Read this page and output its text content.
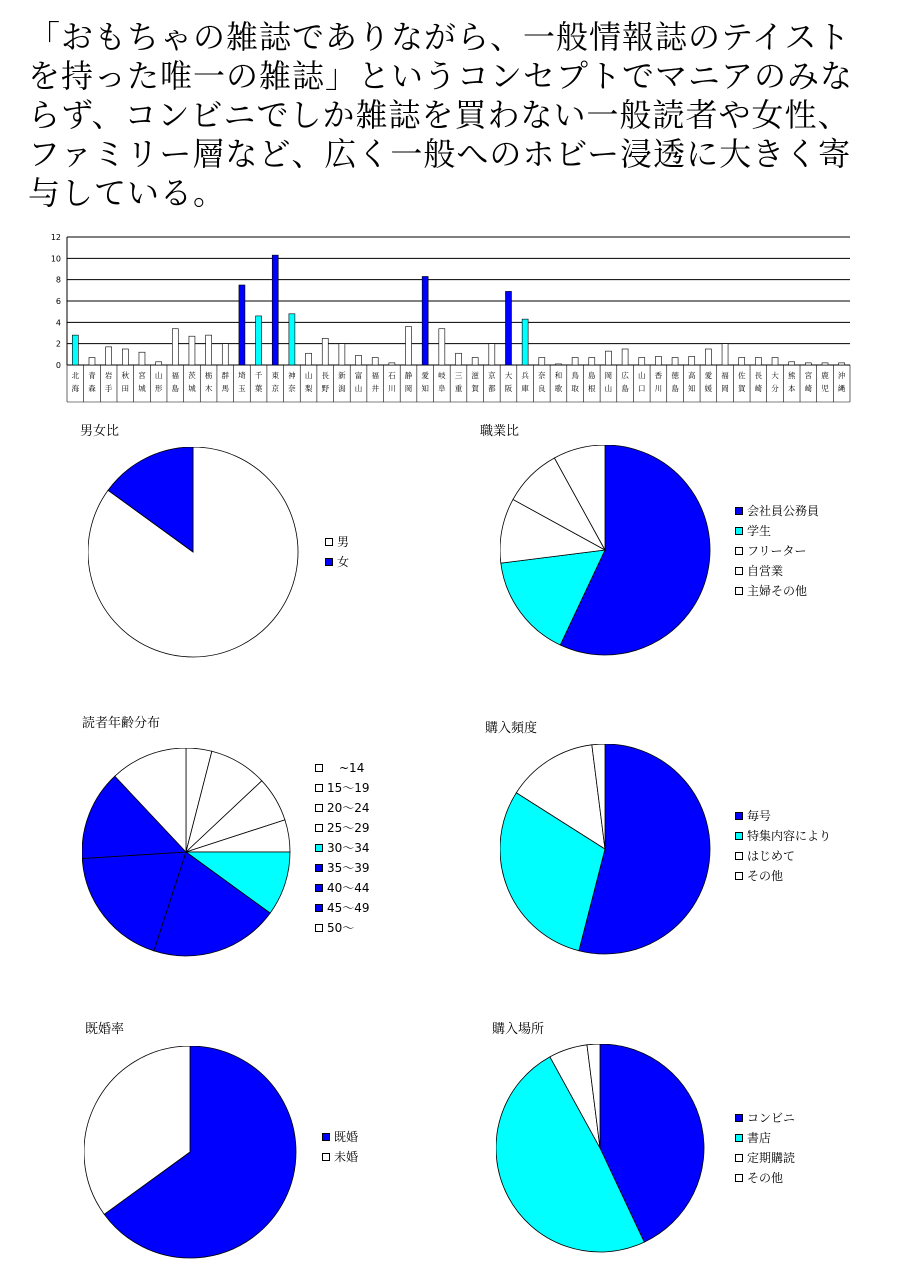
「おもちゃの雑誌でありながら、一般情報誌のテイストを持った唯一の雑誌」というコンセプトでマニアのみならず、コンビニでしか雑誌を買わない一般読者や女性、ファミリー層など、広く一般へのホビー浸透に大きく寄与している。

0
2
4
6
8
10
12
北
海
青
森
岩
手
秋
田
宮
城
山
形
福
島
茨
城
栃
木
群
馬
埼
玉
千
葉
東
京
神
奈
山
梨
長
野
新
潟
富
山
福
井
石
川
静
岡
愛
知
岐
阜
三
重
滋
賀
京
都
大
阪
兵
庫
奈
良
和
歌
鳥
取
島
根
岡
山
広
島
山
口
香
川
徳
島
高
知
愛
媛
福
岡
佐
賀
長
崎
大
分
熊
本
宮
崎
鹿
児
沖
縄
男女比
男
女
職業比
会社員公務員
学生
フリーター
自営業
主婦その他
読者年齢分布
　~14
15～19
20～24
25～29
30～34
35～39
40～44
45～49
50～
購入頻度
毎号
特集内容により
はじめて
その他
既婚率
既婚
未婚
購入場所
コンビニ
書店
定期購読
その他
